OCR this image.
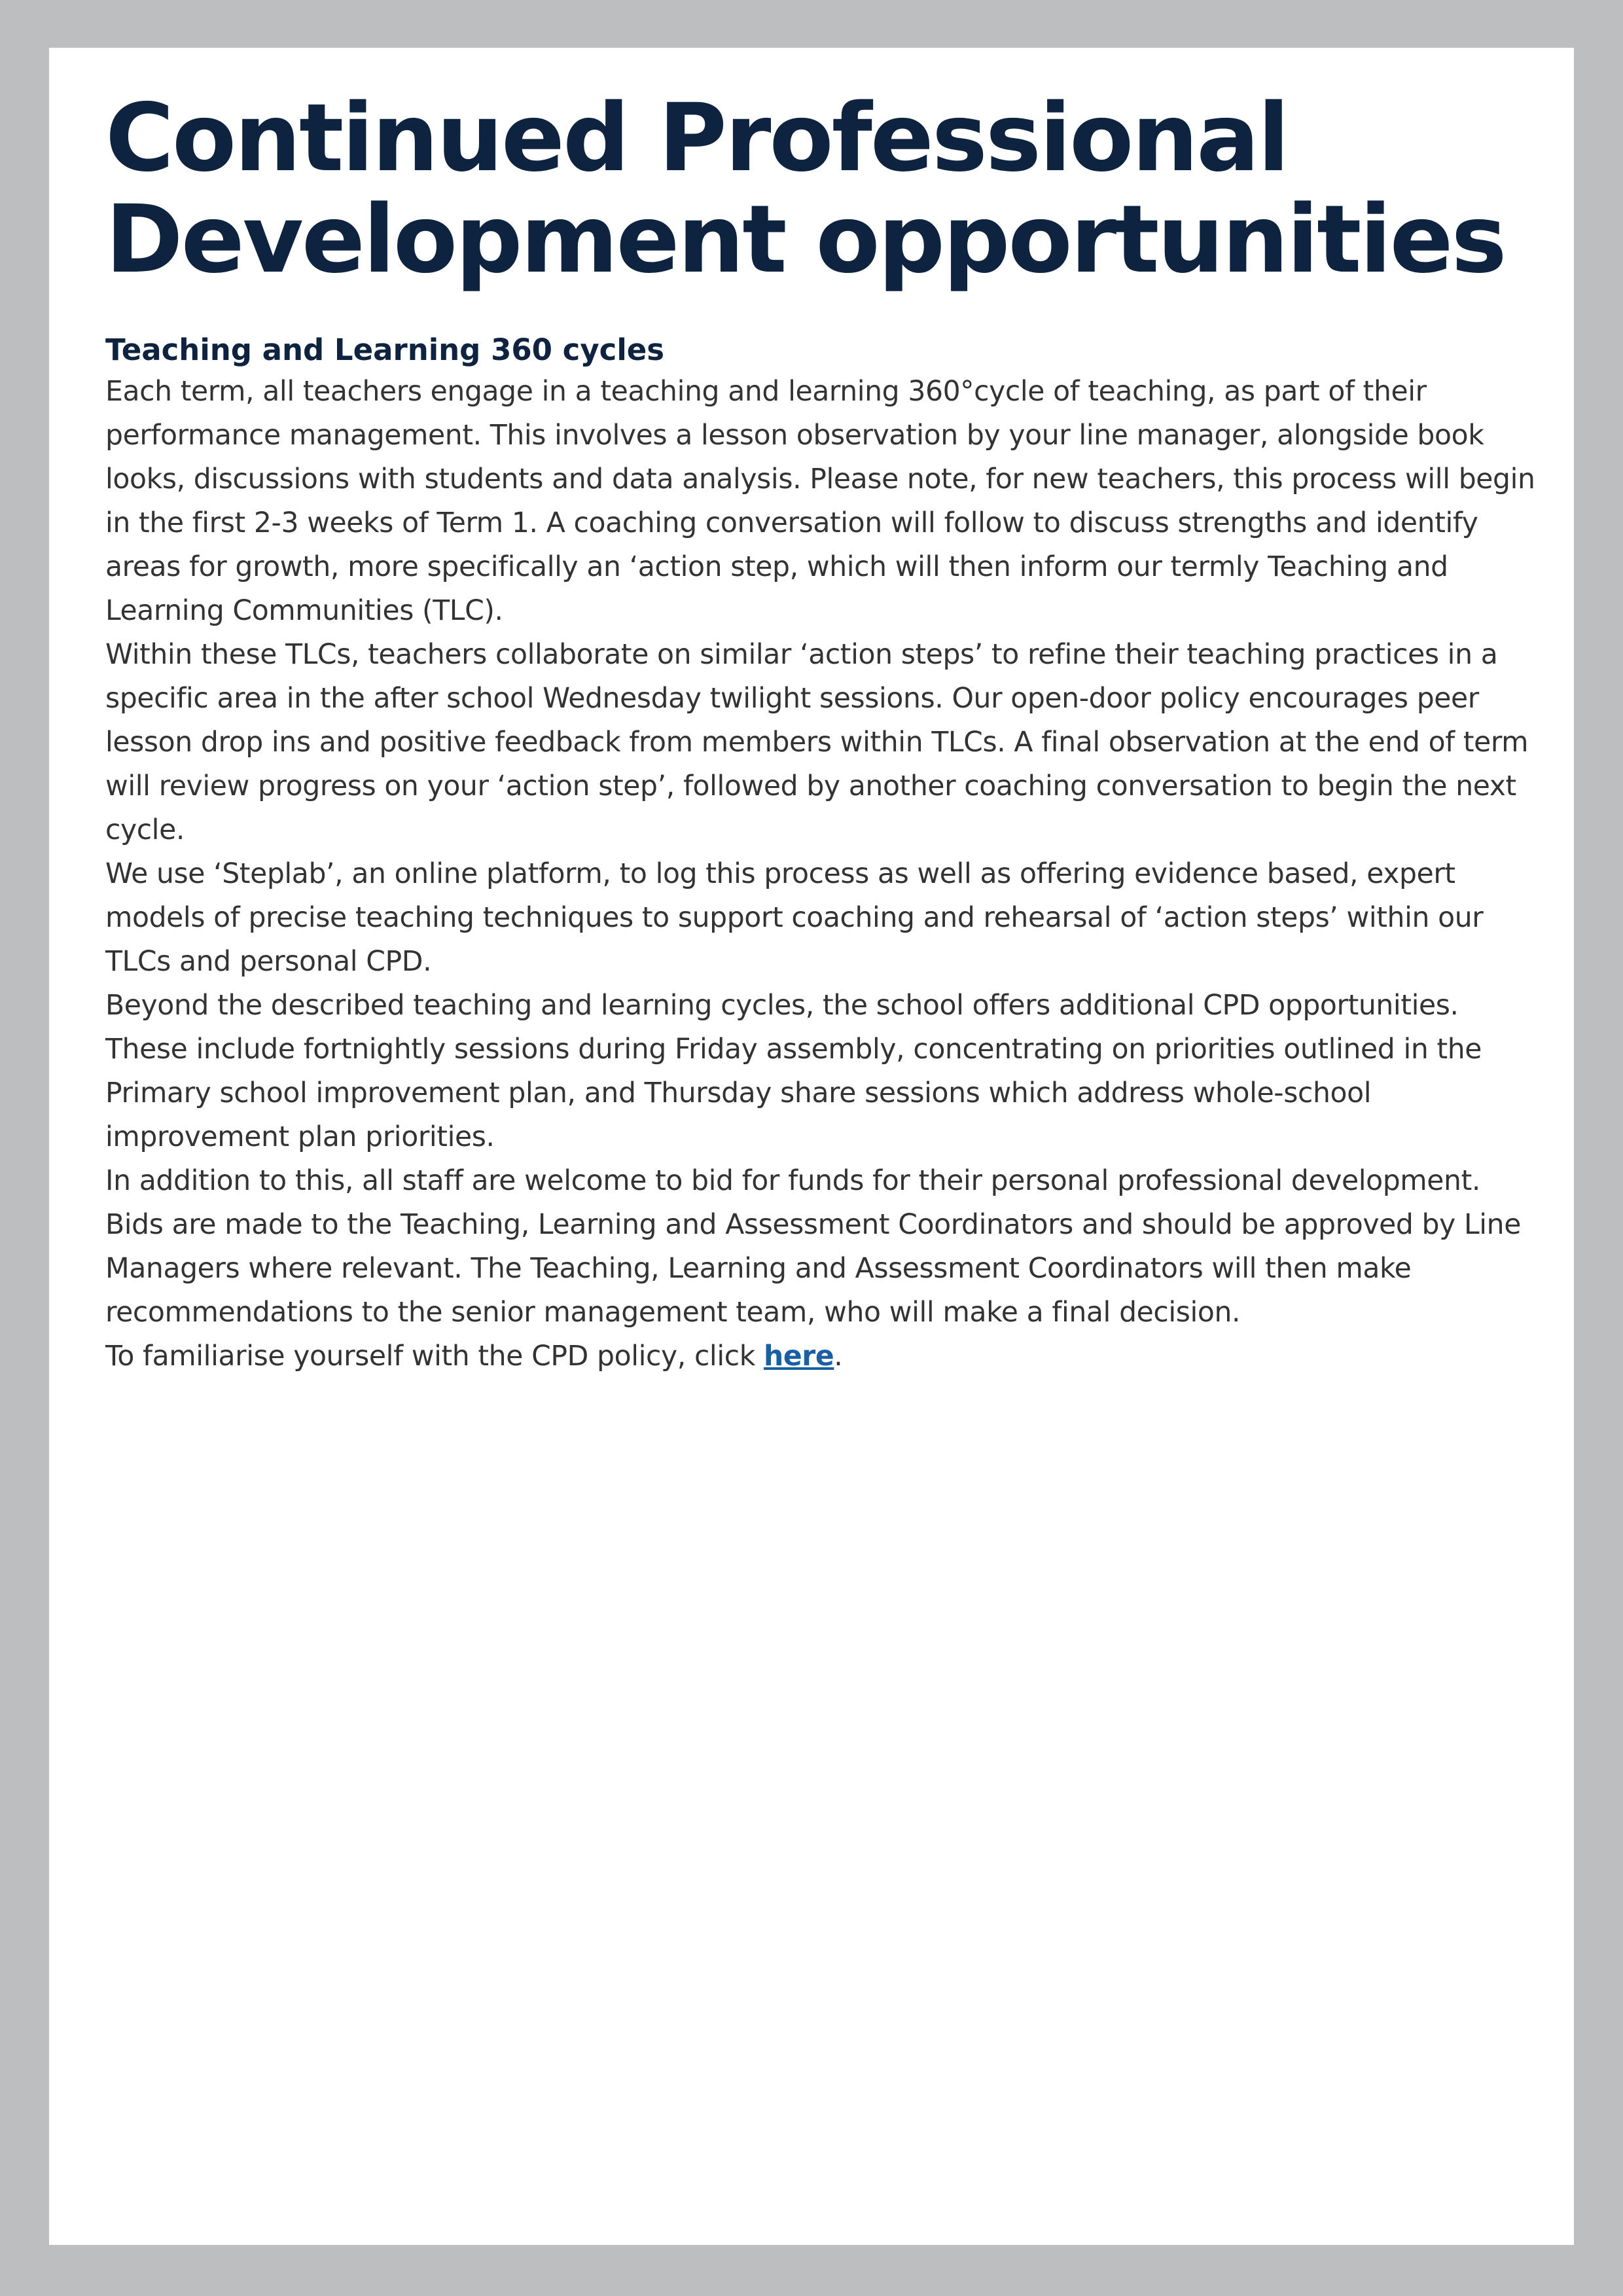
Continued Professional
Development opportunities
Teaching and Learning 360 cycles

Each term, all teachers engage in a teaching and learning 360°cycle of teaching, as part of their performance management. This involves a lesson observation by your line manager, alongside book looks, discussions with students and data analysis. Please note, for new teachers, this process will begin in the first 2-3 weeks of Term 1. A coaching conversation will follow to discuss strengths and identify areas for growth, more specifically an ‘action step, which will then inform our termly Teaching and Learning Communities (TLC).

Within these TLCs, teachers collaborate on similar ‘action steps’ to refine their teaching practices in a specific area in the after school Wednesday twilight sessions. Our open-door policy encourages peer lesson drop ins and positive feedback from members within TLCs. A final observation at the end of term will review progress on your ‘action step’, followed by another coaching conversation to begin the next cycle.

We use ‘Steplab’, an online platform, to log this process as well as offering evidence based, expert models of precise teaching techniques to support coaching and rehearsal of ‘action steps’ within our TLCs and personal CPD.

Beyond the described teaching and learning cycles, the school offers additional CPD opportunities. These include fortnightly sessions during Friday assembly, concentrating on priorities outlined in the Primary school improvement plan, and Thursday share sessions which address whole-school improvement plan priorities.

In addition to this, all staff are welcome to bid for funds for their personal professional development. Bids are made to the Teaching, Learning and Assessment Coordinators and should be approved by Line Managers where relevant. The Teaching, Learning and Assessment Coordinators will then make recommendations to the senior management team, who will make a final decision.

To familiarise yourself with the CPD policy, click here.
